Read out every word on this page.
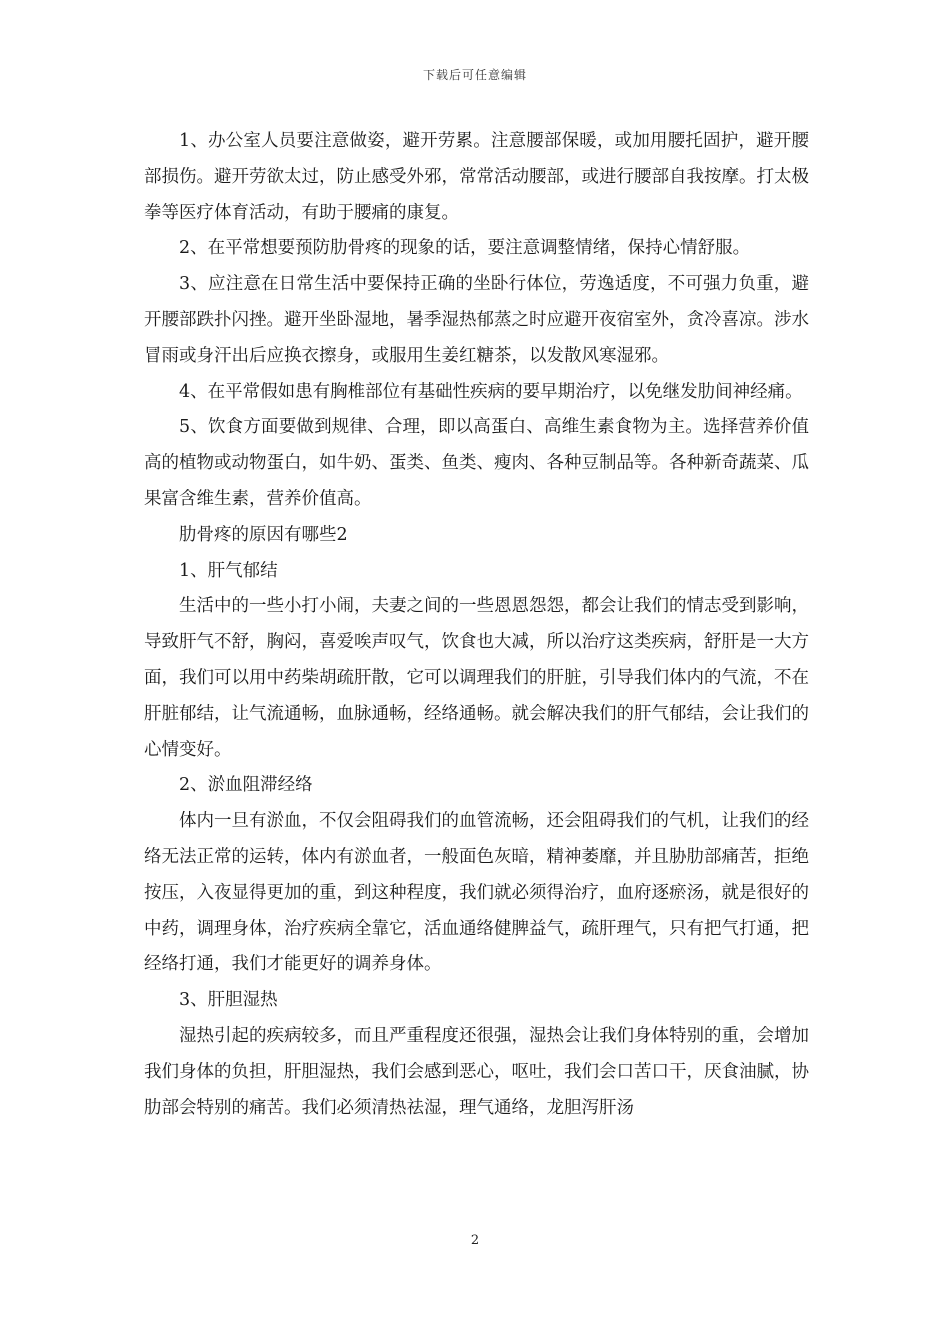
下载后可任意编辑

1、办公室人员要注意做姿，避开劳累。注意腰部保暖，或加用腰托固护，避开腰部损伤。避开劳欲太过，防止感受外邪，常常活动腰部，或进行腰部自我按摩。打太极拳等医疗体育活动，有助于腰痛的康复。

2、在平常想要预防肋骨疼的现象的话，要注意调整情绪，保持心情舒服。

3、应注意在日常生活中要保持正确的坐卧行体位，劳逸适度，不可强力负重，避开腰部跌扑闪挫。避开坐卧湿地，暑季湿热郁蒸之时应避开夜宿室外，贪冷喜凉。涉水冒雨或身汗出后应换衣擦身，或服用生姜红糖茶，以发散风寒湿邪。

4、在平常假如患有胸椎部位有基础性疾病的要早期治疗，以免继发肋间神经痛。

5、饮食方面要做到规律、合理，即以高蛋白、高维生素食物为主。选择营养价值高的植物或动物蛋白，如牛奶、蛋类、鱼类、瘦肉、各种豆制品等。各种新奇蔬菜、瓜果富含维生素，营养价值高。

肋骨疼的原因有哪些2

1、肝气郁结

生活中的一些小打小闹，夫妻之间的一些恩恩怨怨，都会让我们的情志受到影响，导致肝气不舒，胸闷，喜爱唉声叹气，饮食也大减，所以治疗这类疾病，舒肝是一大方面，我们可以用中药柴胡疏肝散，它可以调理我们的肝脏，引导我们体内的气流，不在肝脏郁结，让气流通畅，血脉通畅，经络通畅。就会解决我们的肝气郁结，会让我们的心情变好。

2、淤血阻滞经络

体内一旦有淤血，不仅会阻碍我们的血管流畅，还会阻碍我们的气机，让我们的经络无法正常的运转，体内有淤血者，一般面色灰暗，精神萎靡，并且胁肋部痛苦，拒绝按压，入夜显得更加的重，到这种程度，我们就必须得治疗，血府逐瘀汤，就是很好的中药，调理身体，治疗疾病全靠它，活血通络健脾益气，疏肝理气，只有把气打通，把经络打通，我们才能更好的调养身体。

3、肝胆湿热

湿热引起的疾病较多，而且严重程度还很强，湿热会让我们身体特别的重，会增加我们身体的负担，肝胆湿热，我们会感到恶心，呕吐，我们会口苦口干，厌食油腻，协肋部会特别的痛苦。我们必须清热祛湿，理气通络，龙胆泻肝汤

2
